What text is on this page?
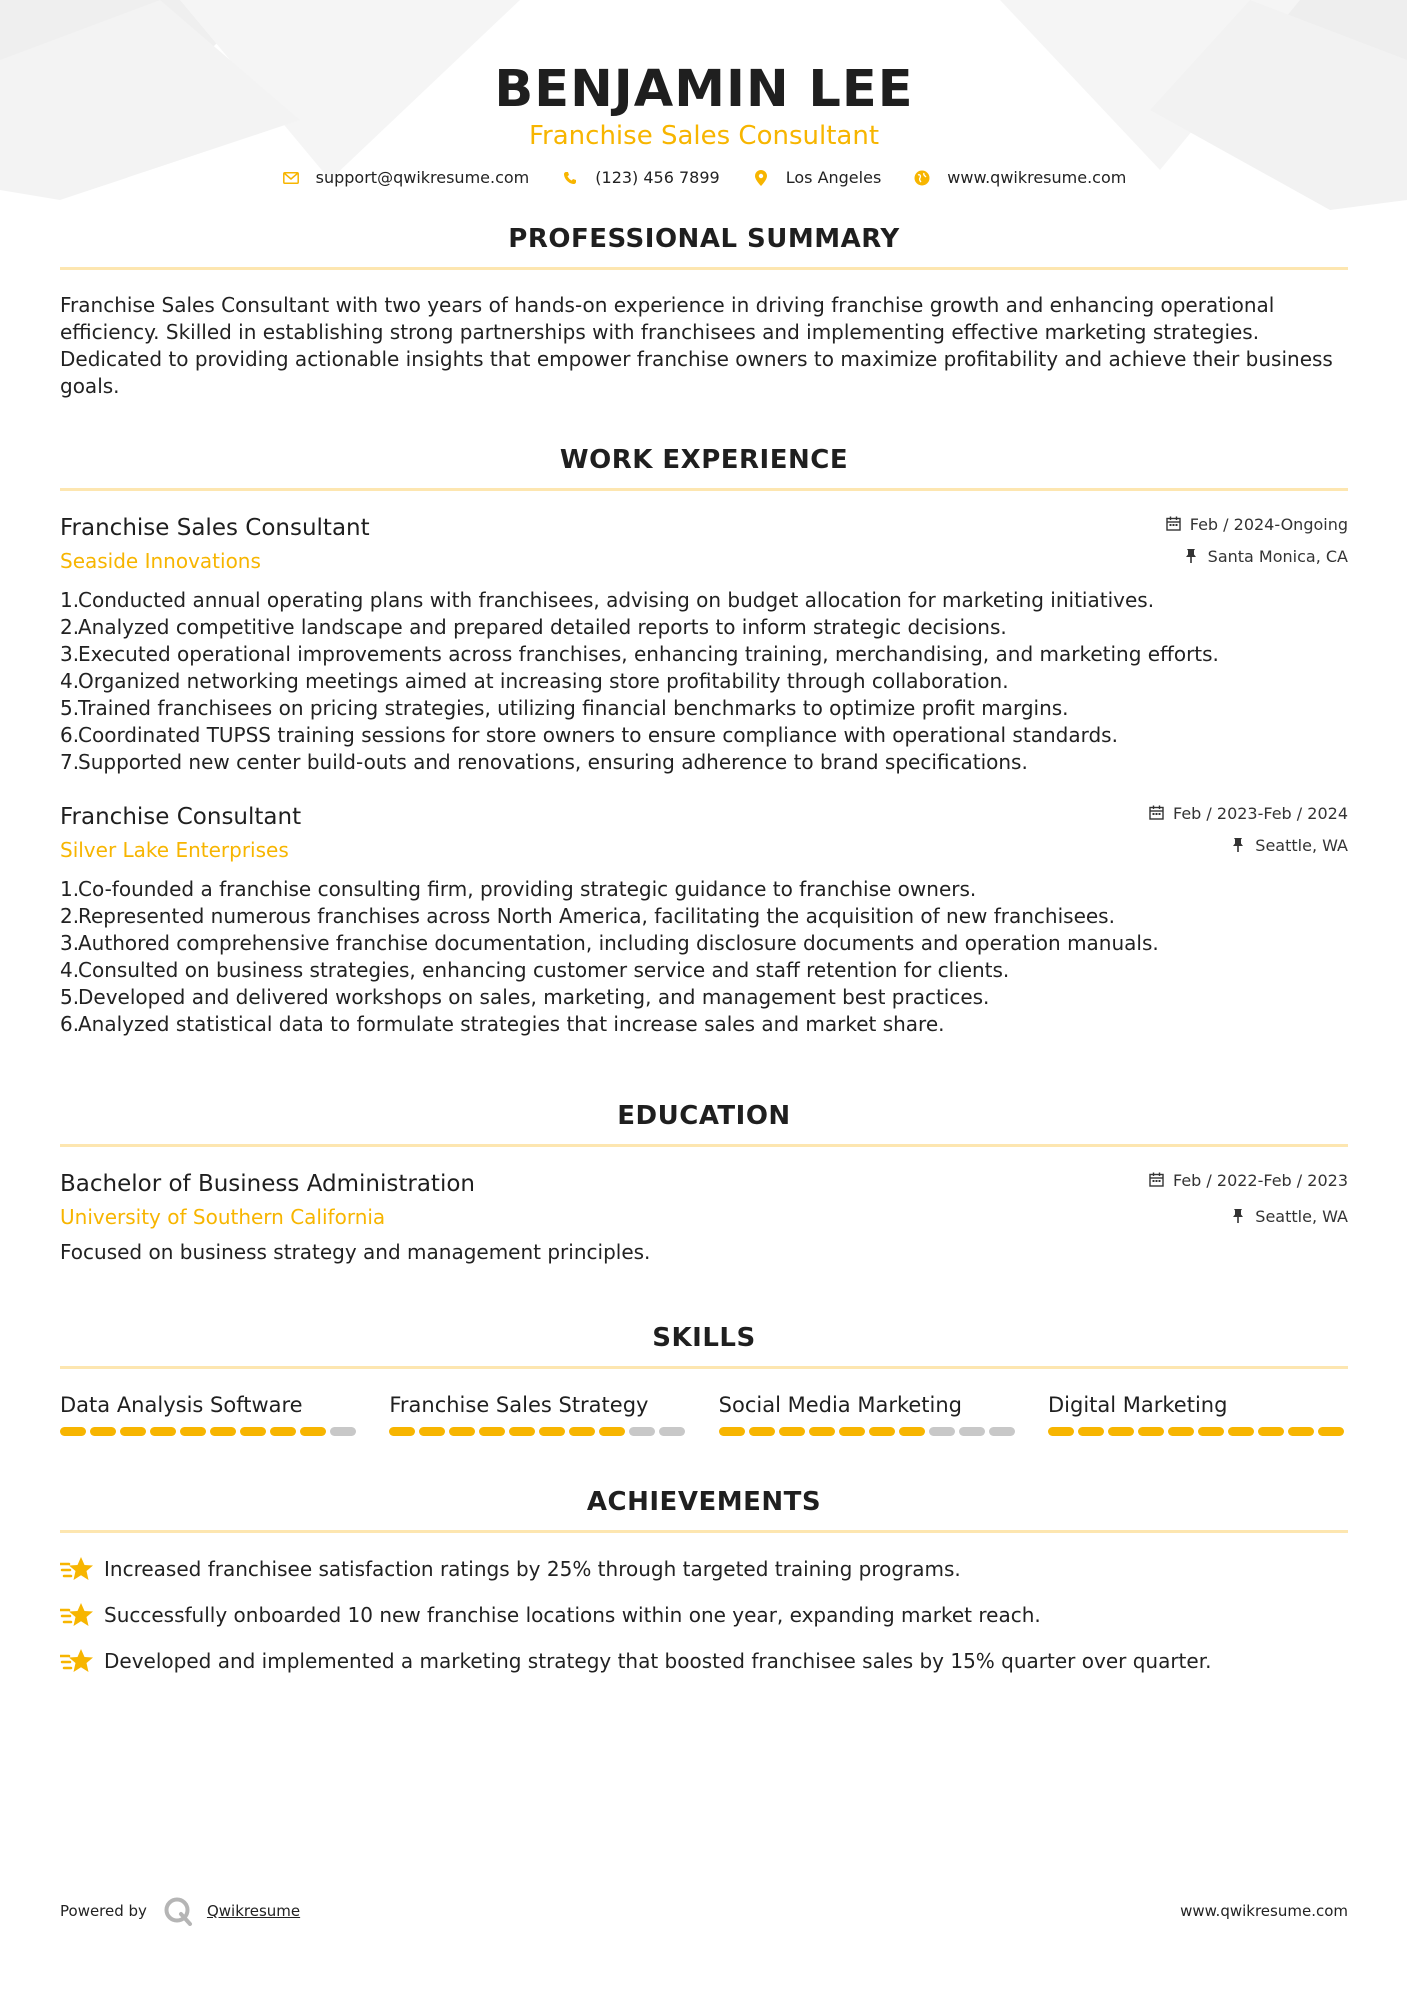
BENJAMIN LEE
Franchise Sales Consultant
support@qwikresume.com	(123) 456 7899	Los Angeles	www.qwikresume.com
PROFESSIONAL SUMMARY

Franchise Sales Consultant with two years of hands-on experience in driving franchise growth and enhancing operational efficiency. Skilled in establishing strong partnerships with franchisees and implementing effective marketing strategies. Dedicated to providing actionable insights that empower franchise owners to maximize profitability and achieve their business goals.

WORK EXPERIENCE
Franchise Sales Consultant
Seaside Innovations
Feb / 2024-Ongoing
Santa Monica, CA
1.
Conducted annual operating plans with franchisees, advising on budget allocation for marketing initiatives.
2.
Analyzed competitive landscape and prepared detailed reports to inform strategic decisions.
3.
Executed operational improvements across franchises, enhancing training, merchandising, and marketing efforts.
4.
Organized networking meetings aimed at increasing store profitability through collaboration.
5.
Trained franchisees on pricing strategies, utilizing financial benchmarks to optimize profit margins.
6.
Coordinated TUPSS training sessions for store owners to ensure compliance with operational standards.
7.
Supported new center build-outs and renovations, ensuring adherence to brand specifications.
Franchise Consultant
Silver Lake Enterprises
Feb / 2023-Feb / 2024
Seattle, WA
1.
Co-founded a franchise consulting firm, providing strategic guidance to franchise owners.
2.
Represented numerous franchises across North America, facilitating the acquisition of new franchisees.
3.
Authored comprehensive franchise documentation, including disclosure documents and operation manuals.
4.
Consulted on business strategies, enhancing customer service and staff retention for clients.
5.
Developed and delivered workshops on sales, marketing, and management best practices.
6.
Analyzed statistical data to formulate strategies that increase sales and market share.
EDUCATION
Bachelor of Business Administration
University of Southern California
Feb / 2022-Feb / 2023
Seattle, WA

Focused on business strategy and management principles.

SKILLS
Data Analysis Software	Franchise Sales Strategy	Social Media Marketing	Digital Marketing
ACHIEVEMENTS
Increased franchisee satisfaction ratings by 25% through targeted training programs.
Successfully onboarded 10 new franchise locations within one year, expanding market reach.
Developed and implemented a marketing strategy that boosted franchisee sales by 15% quarter over quarter.
Powered by	Qwikresume	www.qwikresume.com
